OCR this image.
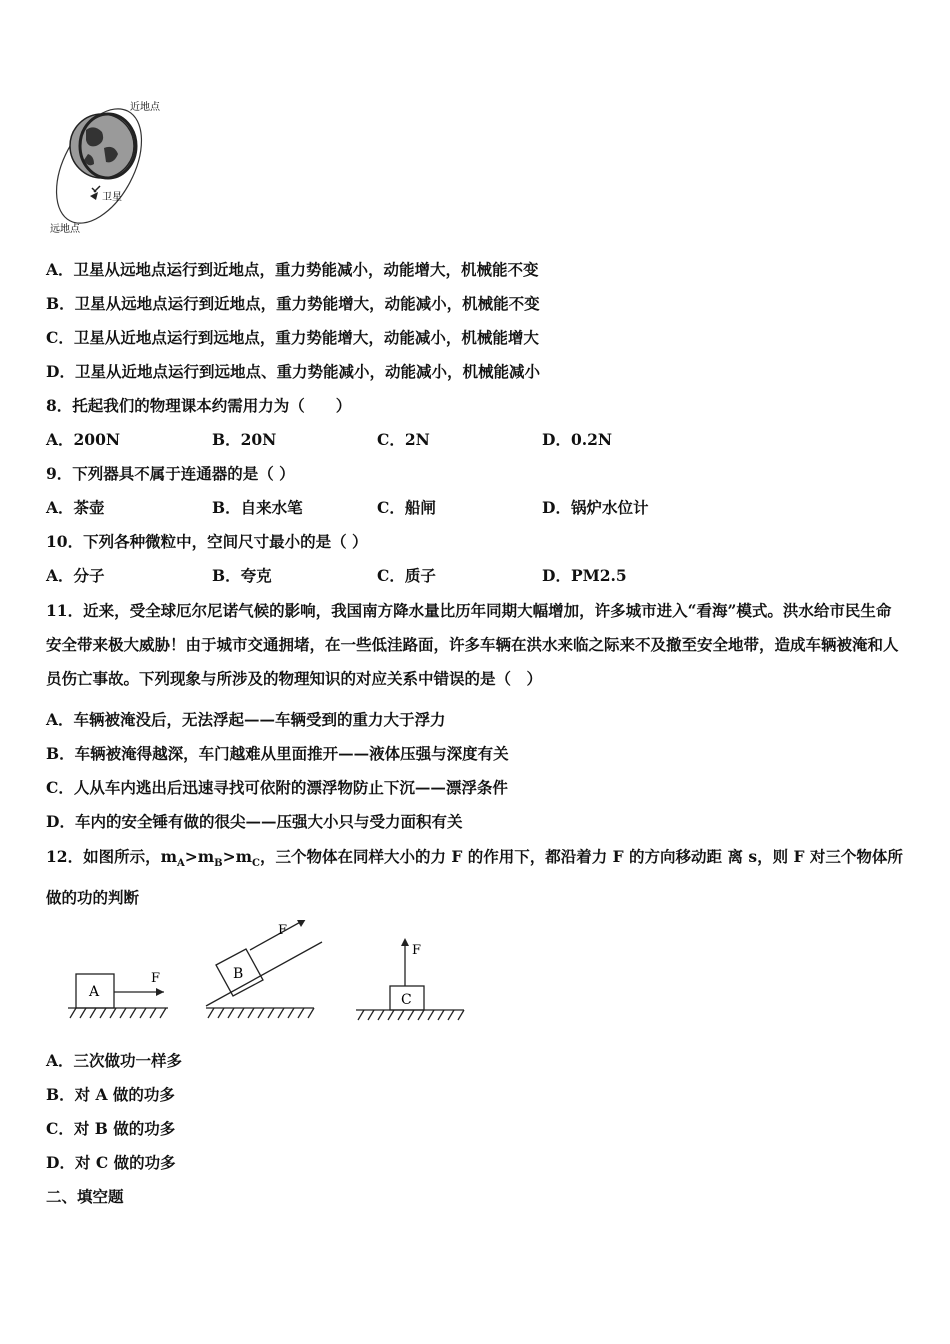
近地点
卫星
远地点
A．卫星从远地点运行到近地点，重力势能减小，动能增大，机械能不变
B．卫星从远地点运行到近地点，重力势能增大，动能减小，机械能不变
C．卫星从近地点运行到远地点，重力势能增大，动能减小，机械能增大
D．卫星从近地点运行到远地点、重力势能减小，动能减小，机械能减小
8．托起我们的物理课本约需用力为（　　）
A．200N	B．20N	C．2N	D．0.2N
9．下列器具不属于连通器的是（ ）
A．茶壶	B．自来水笔	C．船闸	D．锅炉水位计
10．下列各种微粒中，空间尺寸最小的是（ ）
A．分子	B．夸克	C．质子	D．PM2.5
11．近来，受全球厄尔尼诺气候的影响，我国南方降水量比历年同期大幅增加，许多城市进入“看海”模式。洪水给市民生命安全带来极大威胁！由于城市交通拥堵，在一些低洼路面，许多车辆在洪水来临之际来不及撤至安全地带，造成车辆被淹和人员伤亡事故。下列现象与所涉及的物理知识的对应关系中错误的是（　）
A．车辆被淹没后，无法浮起——车辆受到的重力大于浮力
B．车辆被淹得越深，车门越难从里面推开——液体压强与深度有关
C．人从车内逃出后迅速寻找可依附的漂浮物防止下沉——漂浮条件
D．车内的安全锤有做的很尖——压强大小只与受力面积有关
12．如图所示，$m_A>m_B>m_C$，三个物体在同样大小的力 F 的作用下，都沿着力 F 的方向移动距 离 s，则 F 对三个物体所做的功的判断
A
F	B
F
C
F
A．三次做功一样多
B．对 A 做的功多
C．对 B 做的功多
D．对 C 做的功多
二、填空题
